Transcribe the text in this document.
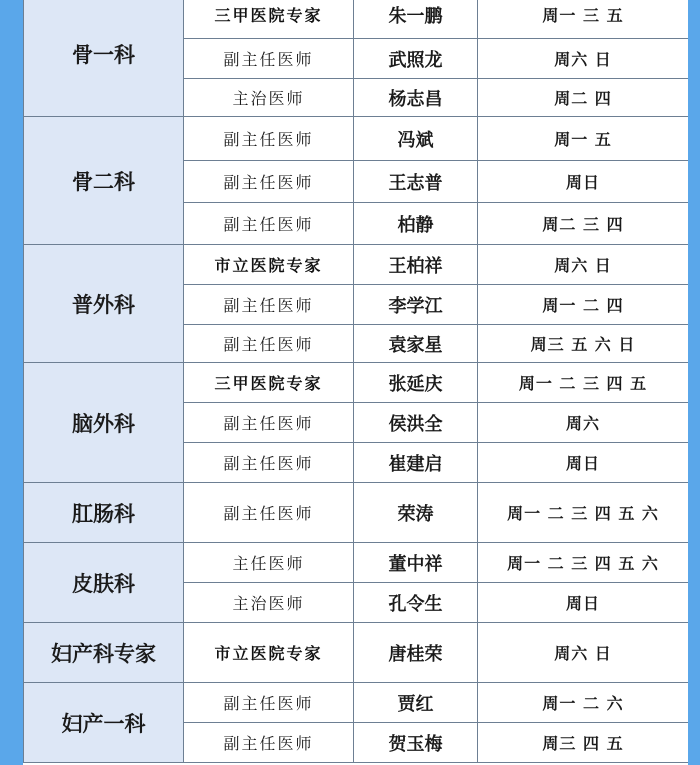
骨一科	三甲医院专家	朱一鹏	周一 三 五
	副主任医师	武照龙	周六 日
	主治医师	杨志昌	周二 四
骨二科	副主任医师	冯斌	周一 五
	副主任医师	王志普	周日
	副主任医师	柏静	周二 三 四
普外科	市立医院专家	王柏祥	周六 日
	副主任医师	李学江	周一 二 四
	副主任医师	袁家星	周三 五 六 日
脑外科	三甲医院专家	张延庆	周一 二 三 四 五
	副主任医师	侯洪全	周六
	副主任医师	崔建启	周日
肛肠科	副主任医师	荣涛	周一 二 三 四 五 六
皮肤科	主任医师	董中祥	周一 二 三 四 五 六
	主治医师	孔令生	周日
妇产科专家	市立医院专家	唐桂荣	周六 日
妇产一科	副主任医师	贾红	周一 二 六
	副主任医师	贺玉梅	周三 四 五
